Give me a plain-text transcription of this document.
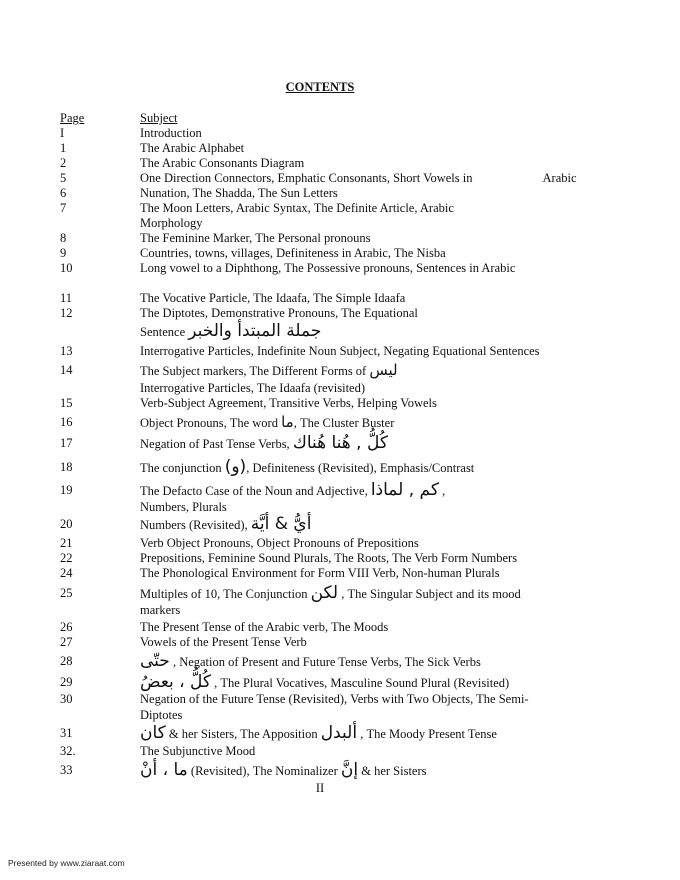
CONTENTS
Page	Subject
I	Introduction
1	The Arabic Alphabet
2	The Arabic Consonants Diagram
5	One Direction Connectors, Emphatic Consonants, Short Vowels in	Arabic
6	Nunation, The Shadda, The Sun Letters
7	The Moon Letters, Arabic Syntax, The Definite Article, Arabic
Morphology
8	The Feminine Marker, The Personal pronouns
9	Countries, towns, villages, Definiteness in Arabic, The Nisba
10	Long vowel to a Diphthong, The Possessive pronouns, Sentences in Arabic
11	The Vocative Particle, The Idaafa, The Simple Idaafa
12	The Diptotes, Demonstrative Pronouns, The Equational
Sentence جملة المبتدأ والخبر
13	Interrogative Particles, Indefinite Noun Subject, Negating Equational Sentences
14	The Subject markers, The Different Forms of ليس
Interrogative Particles, The Idaafa (revisited)
15	Verb-Subject Agreement, Transitive Verbs, Helping Vowels
16	Object Pronouns, The word ما, The Cluster Buster
17	Negation of Past Tense Verbs, كُلُّ , هُنا هُناك
18	The conjunction (و), Definiteness (Revisited), Emphasis/Contrast
19	The Defacto Case of the Noun and Adjective, كم , لماذا ,
Numbers, Plurals
20	Numbers (Revisited), أيُّ & أيَّة
21	Verb Object Pronouns, Object Pronouns of Prepositions
22	Prepositions, Feminine Sound Plurals, The Roots, The Verb Form Numbers
24	The Phonological Environment for Form VIII Verb, Non-human Plurals
25	Multiples of 10, The Conjunction لكن , The Singular Subject and its mood
markers
26	The Present Tense of the Arabic verb, The Moods
27	Vowels of the Present Tense Verb
28	حتّى , Negation of Present and Future Tense Verbs, The Sick Verbs
29	كُلُّ ، بعضُ , The Plural Vocatives, Masculine Sound Plural (Revisited)
30	Negation of the Future Tense (Revisited), Verbs with Two Objects, The Semi-
Diptotes
31	كان & her Sisters, The Apposition ألبدل , The Moody Present Tense
32.	The Subjunctive Mood
33	ما ، أنْ (Revisited), The Nominalizer إنَّ & her Sisters
II
Presented by www.ziaraat.com
